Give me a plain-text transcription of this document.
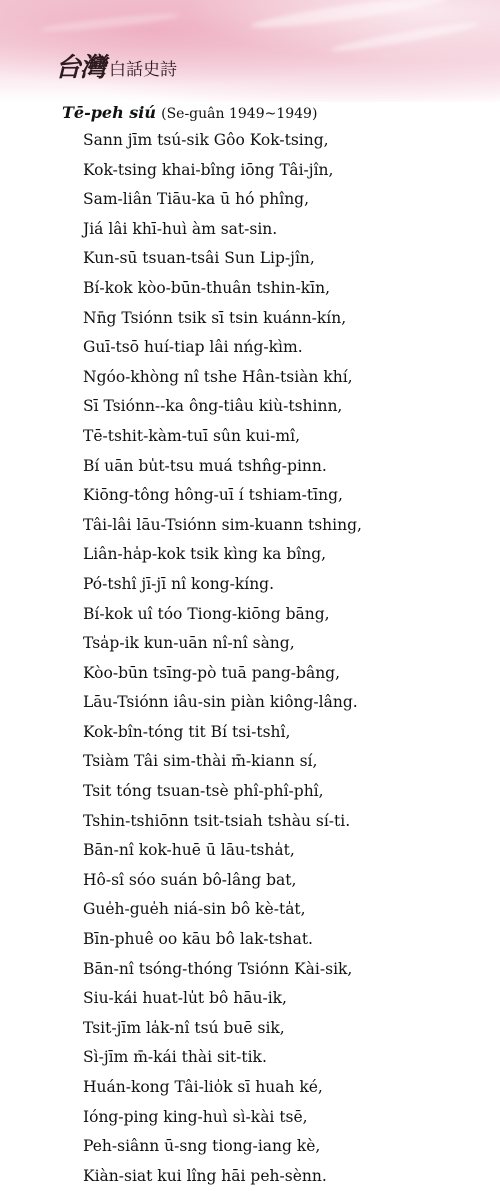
台灣 白話史詩
Tē-peh siú (Se-guân 1949~1949)
Sann jīm tsú-sik Gôo Kok-tsing,
Kok-tsing khai-bîng iōng Tâi-jîn,
Sam-liân Tiāu-ka ū hó phîng,
Jiá lâi khī-huì àm sat-sin.
Kun-sū tsuan-tsâi Sun Lip-jîn,
Bí-kok kòo-būn-thuân tshin-kīn,
Nn̄g Tsiónn tsik sī tsin kuánn-kín,
Guī-tsō huí-tiap lâi nńg-kìm.
Ngóo-khòng nî tshe Hân-tsiàn khí,
Sī Tsiónn--ka ông-tiâu kiù-tshinn,
Tē-tshit-kàm-tuī sûn kui-mî,
Bí uān bu̍t-tsu muá tshn̂g-pinn.
Kiōng-tông hông-uī í tshiam-tīng,
Tâi-lâi lāu-Tsiónn sim-kuann tshing,
Liân-ha̍p-kok tsik kìng ka bîng,
Pó-tshî jī-jī nî kong-kíng.
Bí-kok uî tóo Tiong-kiōng bāng,
Tsa̍p-ik kun-uān nî-nî sàng,
Kòo-būn tsīng-pò tuā pang-bâng,
Lāu-Tsiónn iâu-sin piàn kiông-lâng.
Kok-bîn-tóng tit Bí tsi-tshî,
Tsiàm Tâi sim-thài m̄-kiann sí,
Tsit tóng tsuan-tsè phî-phî-phî,
Tshin-tshiōnn tsit-tsiah tshàu sí-ti.
Bān-nî kok-huē ū lāu-tsha̍t,
Hô-sî sóo suán bô-lâng bat,
Gue̍h-gue̍h niá-sin bô kè-ta̍t,
Bīn-phuê oo kāu bô lak-tshat.
Bān-nî tsóng-thóng Tsiónn Kài-sik,
Siu-kái huat-lu̍t bô hāu-ik,
Tsit-jīm la̍k-nî tsú buē sik,
Sì-jīm m̄-kái thài sit-tik.
Huán-kong Tâi-lio̍k sī huah ké,
Ióng-ping king-huì sì-kài tsē,
Peh-siânn ū-sng tiong-iang kè,
Kiàn-siat kui lîng hāi peh-sènn.
